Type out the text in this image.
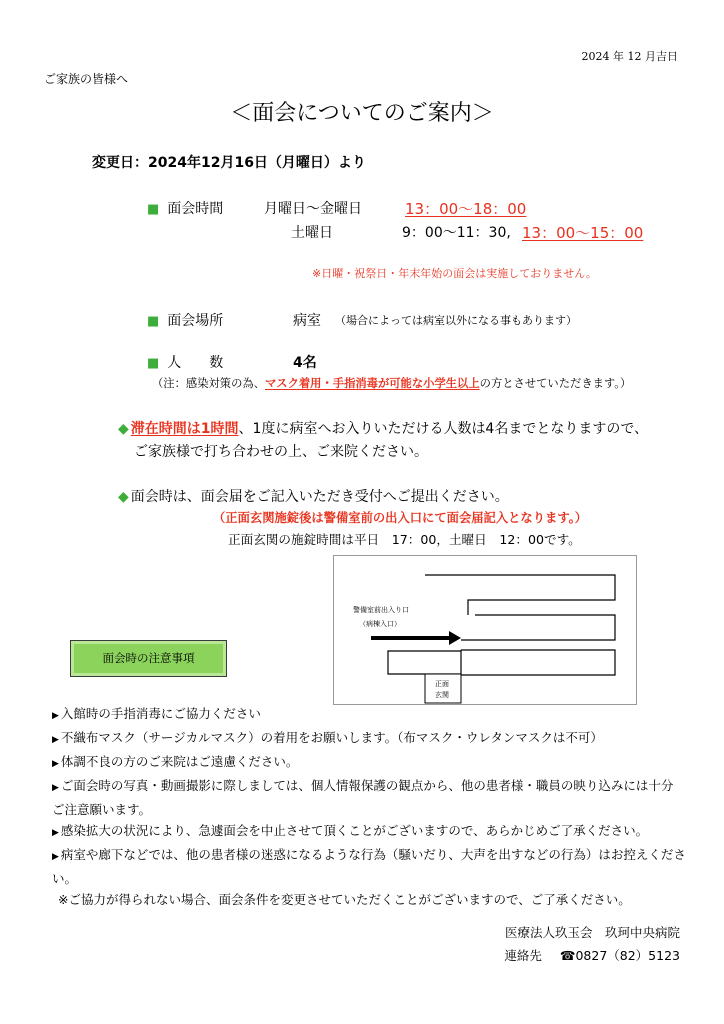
2024 年 12 月吉日
ご家族の皆様へ
＜面会についてのご案内＞
変更日：2024年12月16日（月曜日）より
■ 面会時間	月曜日～金曜日	13：00～18：00
土曜日	9：00～11：30, 13：00～15：00
※日曜・祝祭日・年末年始の面会は実施しておりません。
■ 面会場所	病室 （場合によっては病室以外になる事もあります）
■ 人　　数	4名
（注：感染対策の為、マスク着用・手指消毒が可能な小学生以上の方とさせていただきます。）
◆ 滞在時間は1時間、1度に病室へお入りいただける人数は4名までとなりますので、
ご家族様で打ち合わせの上、ご来院ください。
◆ 面会時は、面会届をご記入いただき受付へご提出ください。
（正面玄関施錠後は警備室前の出入口にて面会届記入となります。）
正面玄関の施錠時間は平日　17：00，土曜日　12：00です。
警備室前出入り口
（病棟入口）
正面
玄関
面会時の注意事項
▶ 入館時の手指消毒にご協力ください
▶ 不織布マスク（サージカルマスク）の着用をお願いします。（布マスク・ウレタンマスクは不可）
▶ 体調不良の方のご来院はご遠慮ください。
▶ ご面会時の写真・動画撮影に際しましては、個人情報保護の観点から、他の患者様・職員の映り込みには十分
ご注意願います。
▶ 感染拡大の状況により、急遽面会を中止させて頂くことがございますので、あらかじめご了承ください。
▶ 病室や廊下などでは、他の患者様の迷惑になるような行為（騒いだり、大声を出すなどの行為）はお控えくださ
い。
※ご協力が得られない場合、面会条件を変更させていただくことがございますので、ご了承ください。
医療法人玖玉会　玖珂中央病院
連絡先 ☎0827（82）5123
